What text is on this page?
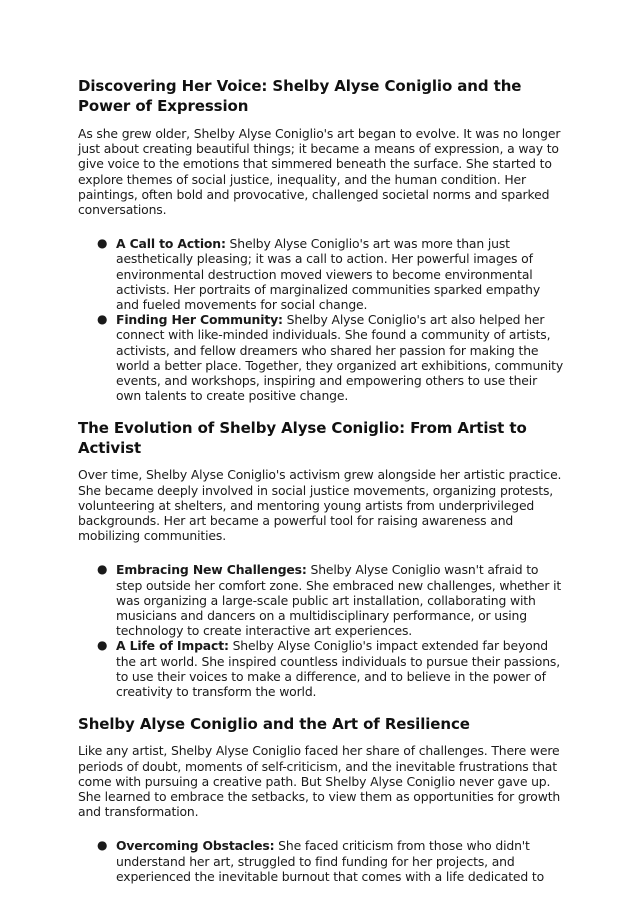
Discovering Her Voice: Shelby Alyse Coniglio and the Power of Expression

As she grew older, Shelby Alyse Coniglio's art began to evolve. It was no longer just about creating beautiful things; it became a means of expression, a way to give voice to the emotions that simmered beneath the surface. She started to explore themes of social justice, inequality, and the human condition. Her paintings, often bold and provocative, challenged societal norms and sparked conversations.

● A Call to Action: Shelby Alyse Coniglio's art was more than just aesthetically pleasing; it was a call to action. Her powerful images of environmental destruction moved viewers to become environmental activists. Her portraits of marginalized communities sparked empathy and fueled movements for social change.
● Finding Her Community: Shelby Alyse Coniglio's art also helped her connect with like-minded individuals. She found a community of artists, activists, and fellow dreamers who shared her passion for making the world a better place. Together, they organized art exhibitions, community events, and workshops, inspiring and empowering others to use their own talents to create positive change.
The Evolution of Shelby Alyse Coniglio: From Artist to Activist

Over time, Shelby Alyse Coniglio's activism grew alongside her artistic practice. She became deeply involved in social justice movements, organizing protests, volunteering at shelters, and mentoring young artists from underprivileged backgrounds. Her art became a powerful tool for raising awareness and mobilizing communities.

● Embracing New Challenges: Shelby Alyse Coniglio wasn't afraid to step outside her comfort zone. She embraced new challenges, whether it was organizing a large-scale public art installation, collaborating with musicians and dancers on a multidisciplinary performance, or using technology to create interactive art experiences.
● A Life of Impact: Shelby Alyse Coniglio's impact extended far beyond the art world. She inspired countless individuals to pursue their passions, to use their voices to make a difference, and to believe in the power of creativity to transform the world.
Shelby Alyse Coniglio and the Art of Resilience

Like any artist, Shelby Alyse Coniglio faced her share of challenges. There were periods of doubt, moments of self-criticism, and the inevitable frustrations that come with pursuing a creative path. But Shelby Alyse Coniglio never gave up. She learned to embrace the setbacks, to view them as opportunities for growth and transformation.

● Overcoming Obstacles: She faced criticism from those who didn't understand her art, struggled to find funding for her projects, and experienced the inevitable burnout that comes with a life dedicated to
